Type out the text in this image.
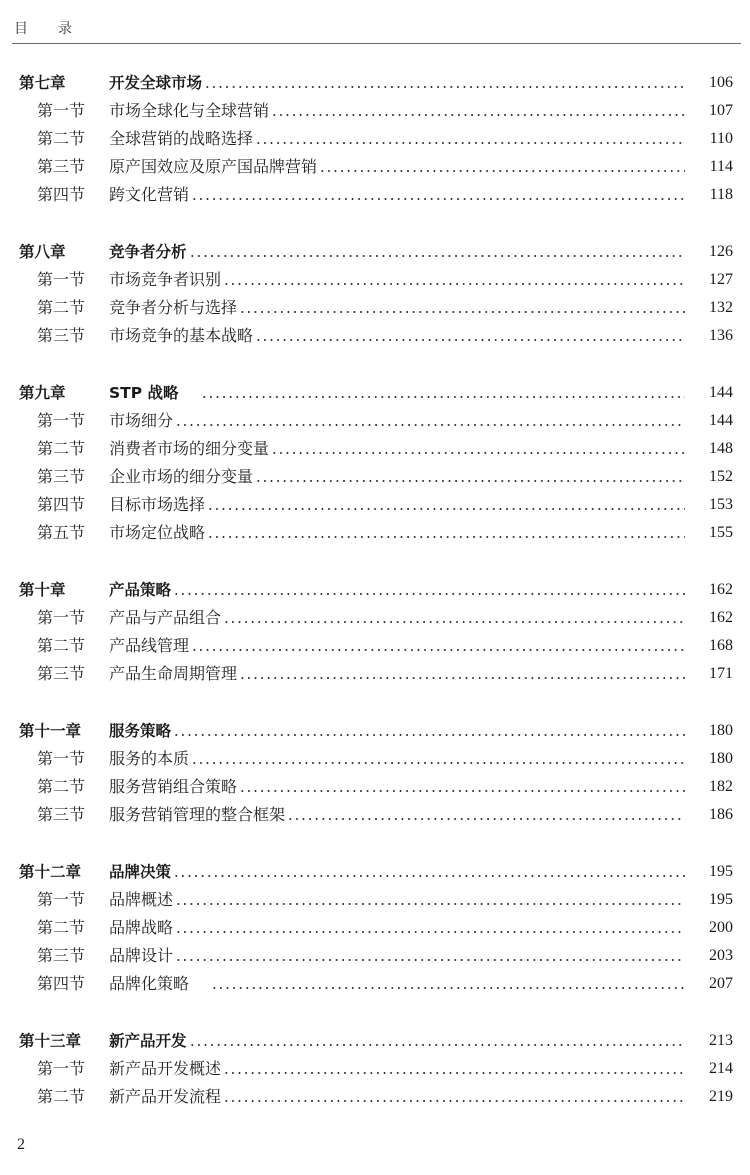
目 录
第七章	开发全球市场	106
第一节	市场全球化与全球营销	107
第二节	全球营销的战略选择	110
第三节	原产国效应及原产国品牌营销	114
第四节	跨文化营销	118
第八章	竞争者分析	126
第一节	市场竞争者识别	127
第二节	竞争者分析与选择	132
第三节	市场竞争的基本战略	136
第九章	STP 战略	144
第一节	市场细分	144
第二节	消费者市场的细分变量	148
第三节	企业市场的细分变量	152
第四节	目标市场选择	153
第五节	市场定位战略	155
第十章	产品策略	162
第一节	产品与产品组合	162
第二节	产品线管理	168
第三节	产品生命周期管理	171
第十一章	服务策略	180
第一节	服务的本质	180
第二节	服务营销组合策略	182
第三节	服务营销管理的整合框架	186
第十二章	品牌决策	195
第一节	品牌概述	195
第二节	品牌战略	200
第三节	品牌设计	203
第四节	品牌化策略	207
第十三章	新产品开发	213
第一节	新产品开发概述	214
第二节	新产品开发流程	219
2
